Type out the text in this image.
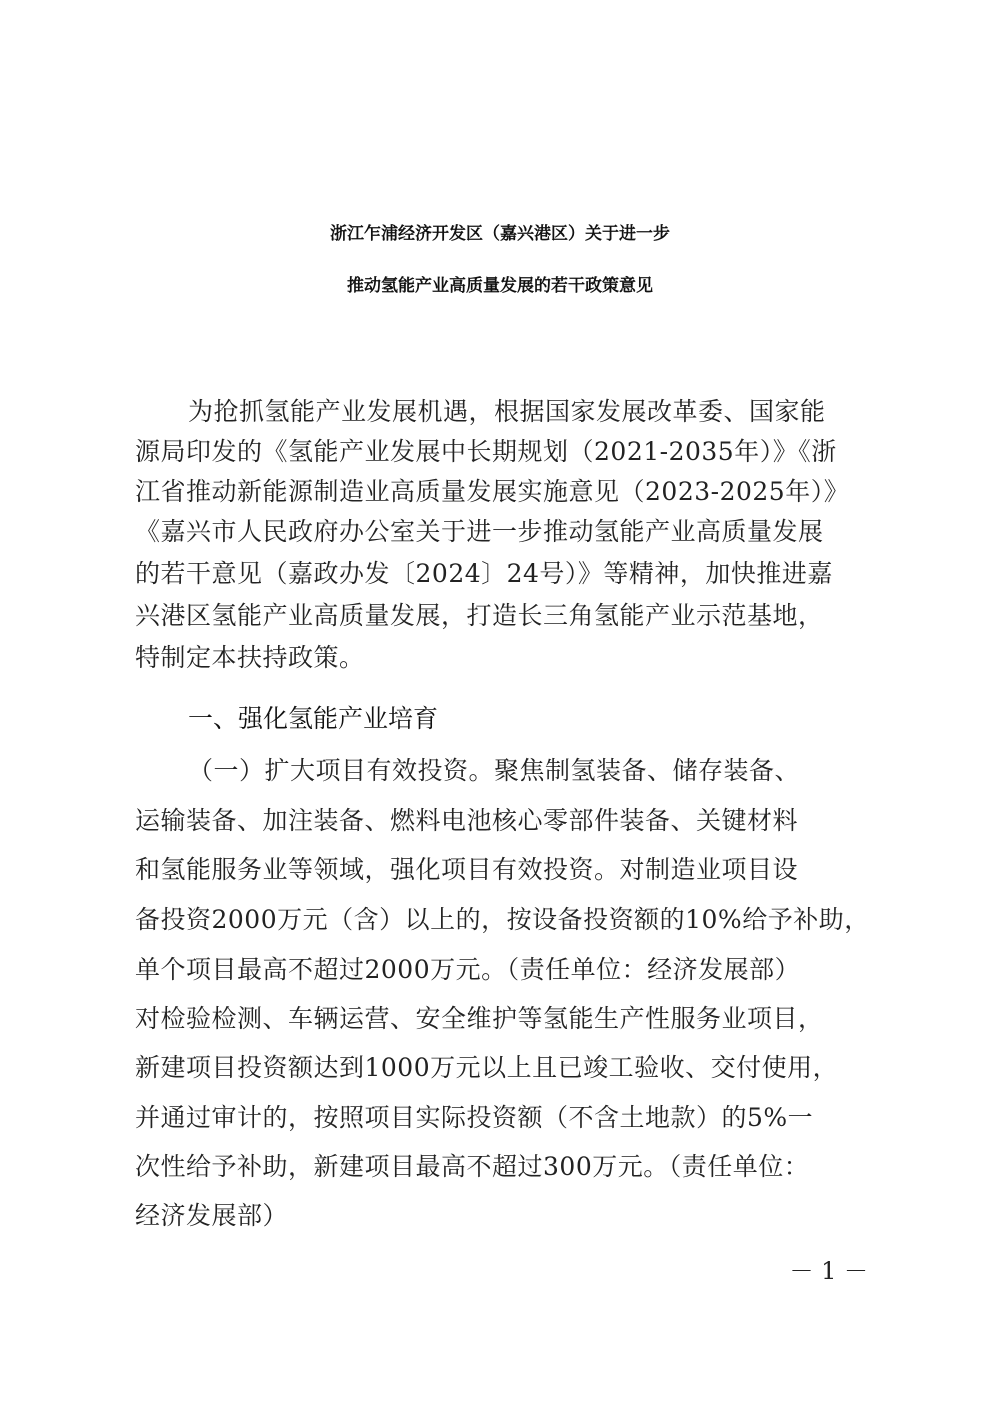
浙江乍浦经济开发区（嘉兴港区）关于进一步
推动氢能产业高质量发展的若干政策意见
为抢抓氢能产业发展机遇，根据国家发展改革委、国家能
源局印发的《氢能产业发展中长期规划（2021-2035年）》《浙
江省推动新能源制造业高质量发展实施意见（2023-2025年）》
《嘉兴市人民政府办公室关于进一步推动氢能产业高质量发展
的若干意见（嘉政办发〔2024〕24号）》等精神，加快推进嘉
兴港区氢能产业高质量发展，打造长三角氢能产业示范基地，
特制定本扶持政策。
一、强化氢能产业培育
（一）扩大项目有效投资。聚焦制氢装备、储存装备、
运输装备、加注装备、燃料电池核心零部件装备、关键材料
和氢能服务业等领域，强化项目有效投资。对制造业项目设
备投资2000万元（含）以上的，按设备投资额的10%给予补助，
单个项目最高不超过2000万元。（责任单位：经济发展部）
对检验检测、车辆运营、安全维护等氢能生产性服务业项目，
新建项目投资额达到1000万元以上且已竣工验收、交付使用，
并通过审计的，按照项目实际投资额（不含土地款）的5%一
次性给予补助，新建项目最高不超过300万元。（责任单位：
经济发展部）
－ 1 －
